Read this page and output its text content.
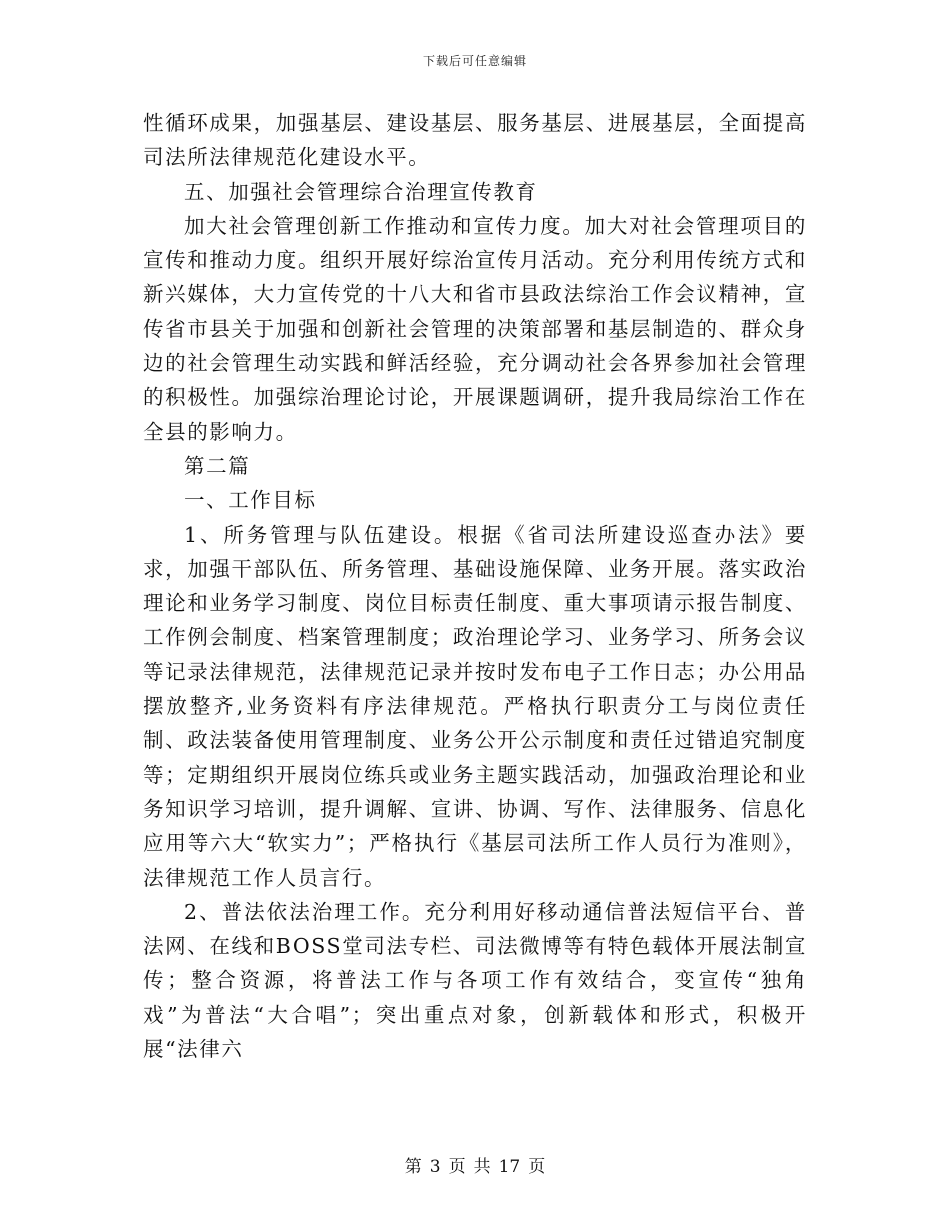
下载后可任意编辑

性循环成果，加强基层、建设基层、服务基层、进展基层，全面提高司法所法律规范化建设水平。

五、加强社会管理综合治理宣传教育

加大社会管理创新工作推动和宣传力度。加大对社会管理项目的宣传和推动力度。组织开展好综治宣传月活动。充分利用传统方式和新兴媒体，大力宣传党的十八大和省市县政法综治工作会议精神，宣传省市县关于加强和创新社会管理的决策部署和基层制造的、群众身边的社会管理生动实践和鲜活经验，充分调动社会各界参加社会管理的积极性。加强综治理论讨论，开展课题调研，提升我局综治工作在全县的影响力。

第二篇

一、工作目标

1、所务管理与队伍建设。根据《省司法所建设巡查办法》要求，加强干部队伍、所务管理、基础设施保障、业务开展。落实政治理论和业务学习制度、岗位目标责任制度、重大事项请示报告制度、工作例会制度、档案管理制度；政治理论学习、业务学习、所务会议等记录法律规范，法律规范记录并按时发布电子工作日志；办公用品摆放整齐,业务资料有序法律规范。严格执行职责分工与岗位责任制、政法装备使用管理制度、业务公开公示制度和责任过错追究制度等；定期组织开展岗位练兵或业务主题实践活动，加强政治理论和业务知识学习培训，提升调解、宣讲、协调、写作、法律服务、信息化应用等六大“软实力”；严格执行《基层司法所工作人员行为准则》，法律规范工作人员言行。

2、普法依法治理工作。充分利用好移动通信普法短信平台、普法网、在线和BOSS堂司法专栏、司法微博等有特色载体开展法制宣传；整合资源，将普法工作与各项工作有效结合，变宣传“独角戏”为普法“大合唱”；突出重点对象，创新载体和形式，积极开展“法律六

第 3 页 共 17 页
